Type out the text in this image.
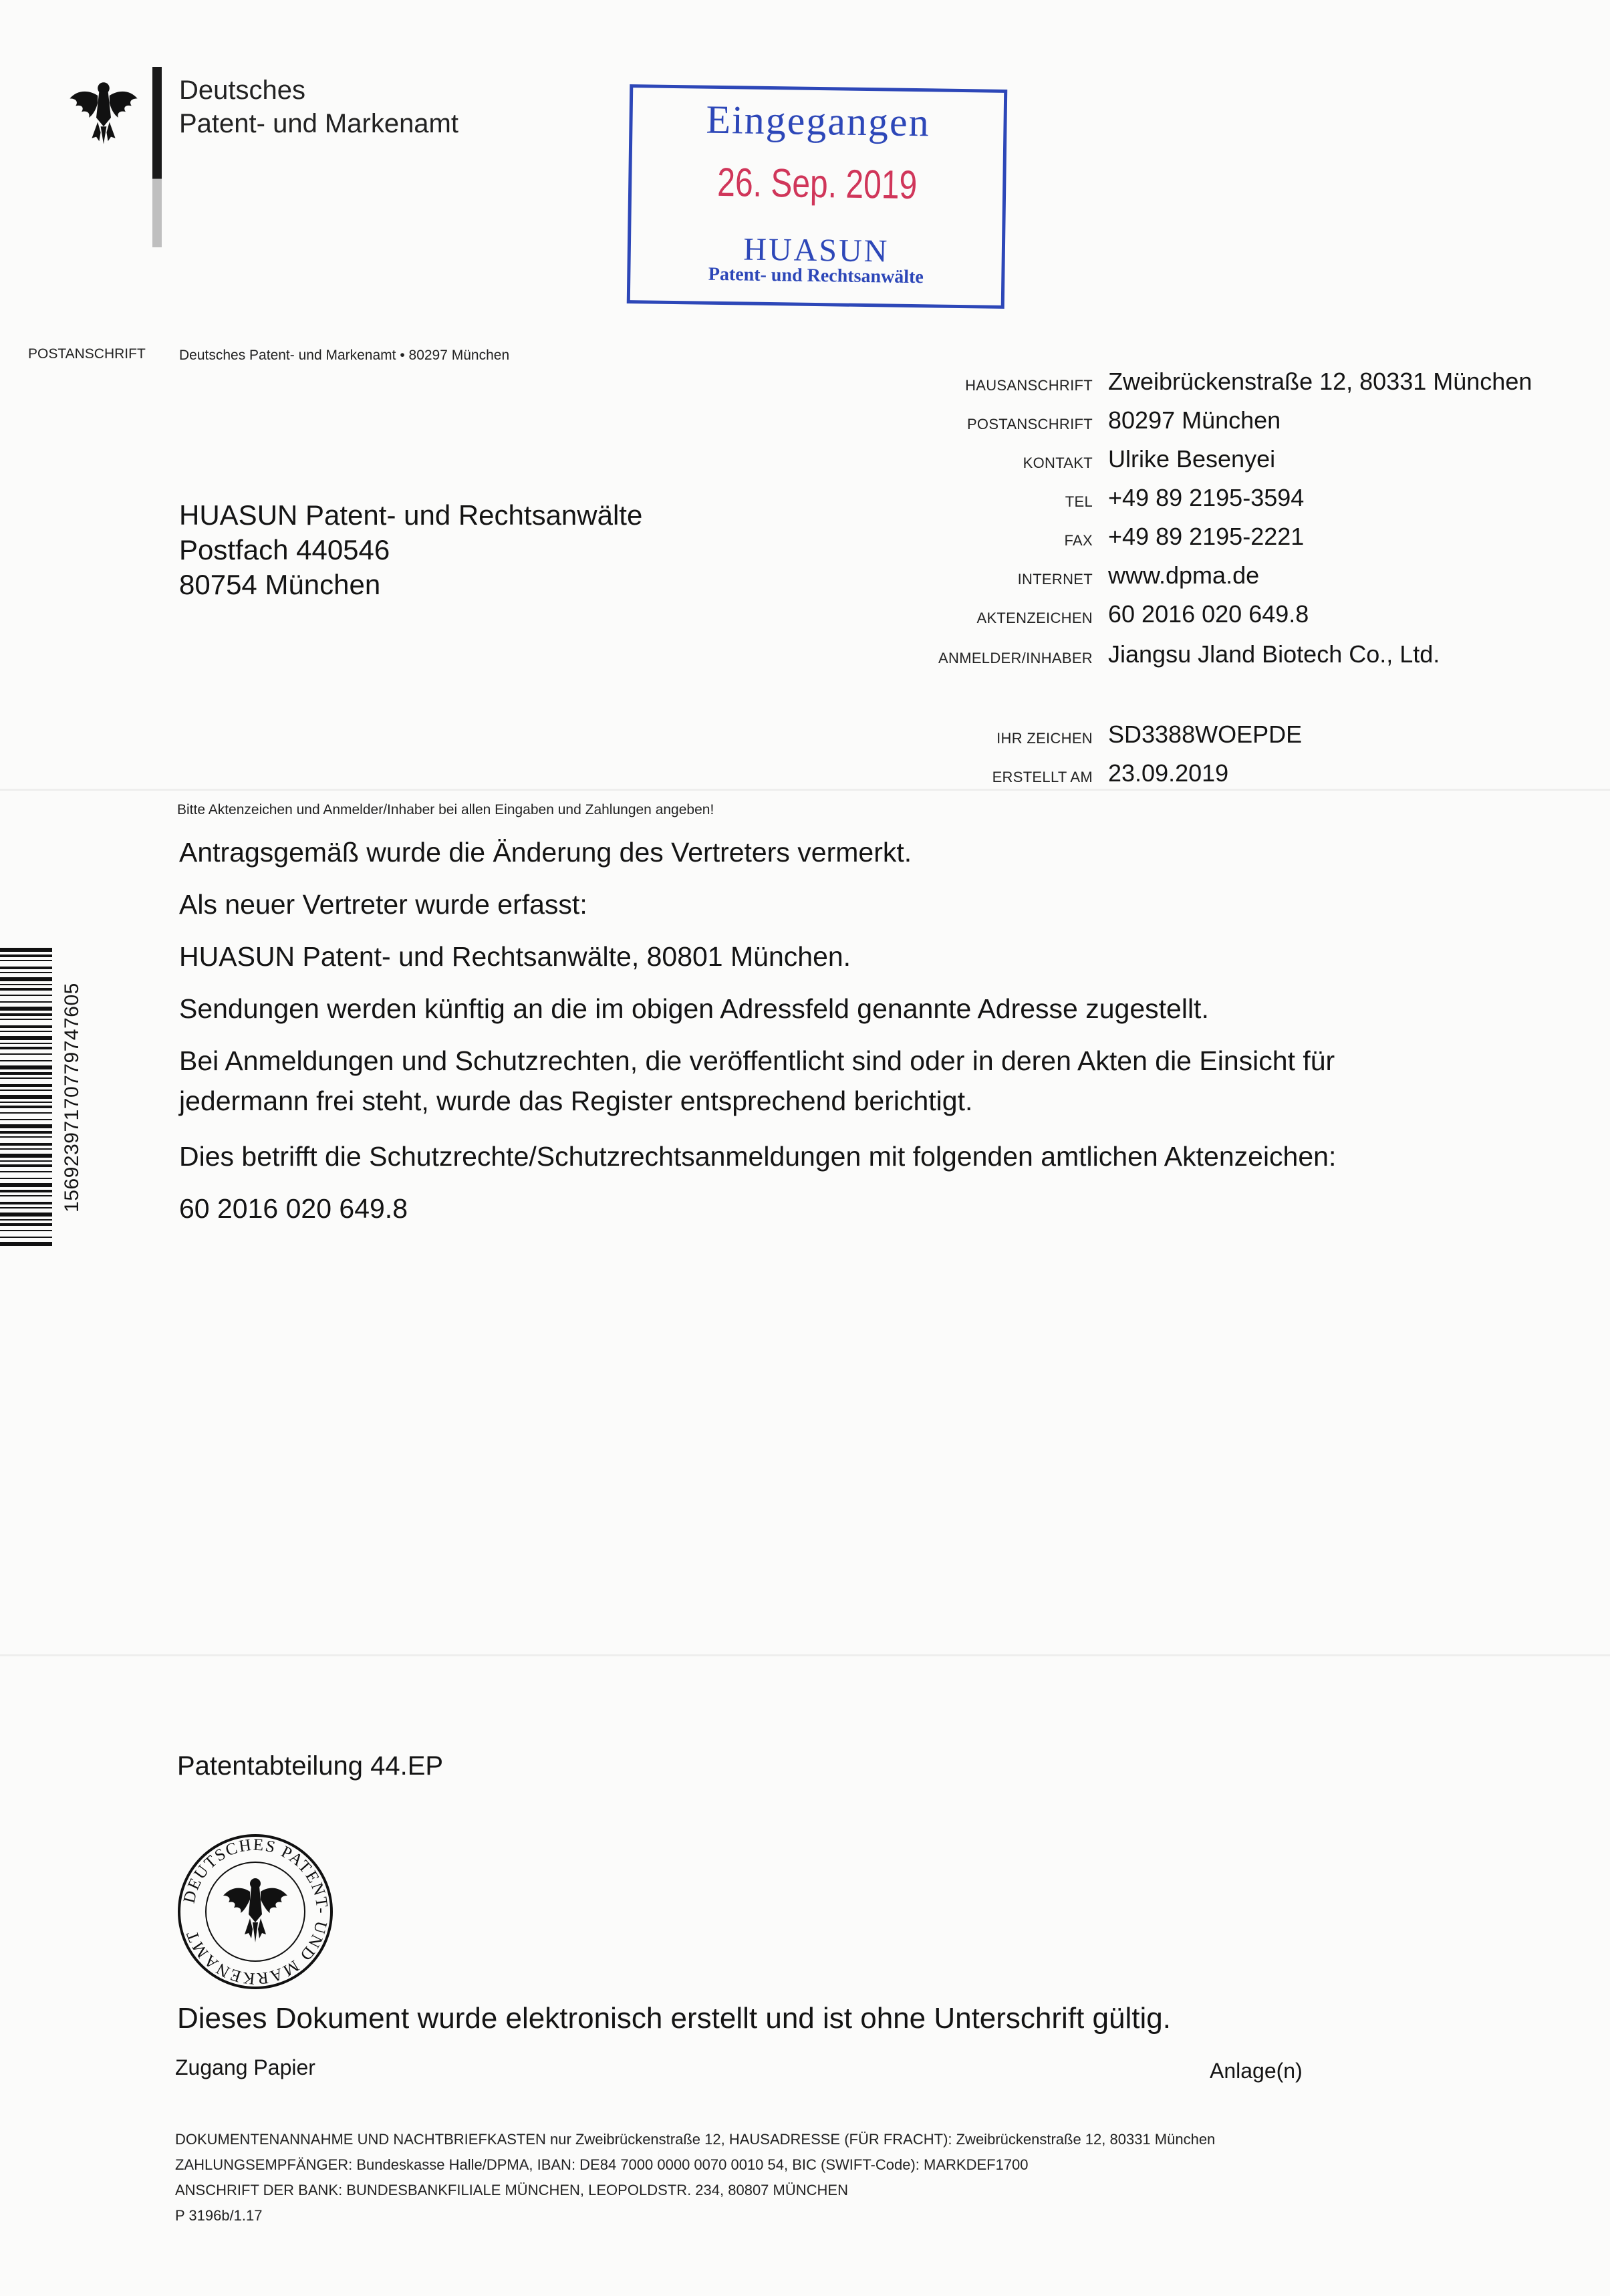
Deutsches
Patent- und Markenamt	Eingegangen
26. Sep. 2019
HUASUN
Patent- und Rechtsanwälte
POSTANSCHRIFT Deutsches Patent- und Markenamt • 80297 München
HUASUN Patent- und Rechtsanwälte
Postfach 440546
80754 München
HAUSANSCHRIFT Zweibrückenstraße 12, 80331 München
POSTANSCHRIFT 80297 München
KONTAKT Ulrike Besenyei
TEL +49 89 2195-3594
FAX +49 89 2195-2221
INTERNET www.dpma.de
AKTENZEICHEN 60 2016 020 649.8
ANMELDER/INHABER Jiangsu Jland Biotech Co., Ltd.
IHR ZEICHEN SD3388WOEPDE
ERSTELLT AM 23.09.2019
Bitte Aktenzeichen und Anmelder/Inhaber bei allen Eingaben und Zahlungen angeben!
Antragsgemäß wurde die Änderung des Vertreters vermerkt.
Als neuer Vertreter wurde erfasst:
HUASUN Patent- und Rechtsanwälte, 80801 München.
Sendungen werden künftig an die im obigen Adressfeld genannte Adresse zugestellt.
Bei Anmeldungen und Schutzrechten, die veröffentlicht sind oder in deren Akten die Einsicht für
jedermann frei steht, wurde das Register entsprechend berichtigt.
Dies betrifft die Schutzrechte/Schutzrechtsanmeldungen mit folgenden amtlichen Aktenzeichen:
60 2016 020 649.8
15692397170779747605
Patentabteilung 44.EP
DEUTSCHES PATENT- UND MARKENAMT
Dieses Dokument wurde elektronisch erstellt und ist ohne Unterschrift gültig.
Zugang Papier	Anlage(n)
DOKUMENTENANNAHME UND NACHTBRIEFKASTEN nur Zweibrückenstraße 12, HAUSADRESSE (FÜR FRACHT): Zweibrückenstraße 12, 80331 München
ZAHLUNGSEMPFÄNGER: Bundeskasse Halle/DPMA, IBAN: DE84 7000 0000 0070 0010 54, BIC (SWIFT-Code): MARKDEF1700
ANSCHRIFT DER BANK: BUNDESBANKFILIALE MÜNCHEN, LEOPOLDSTR. 234, 80807 MÜNCHEN
P 3196b/1.17
